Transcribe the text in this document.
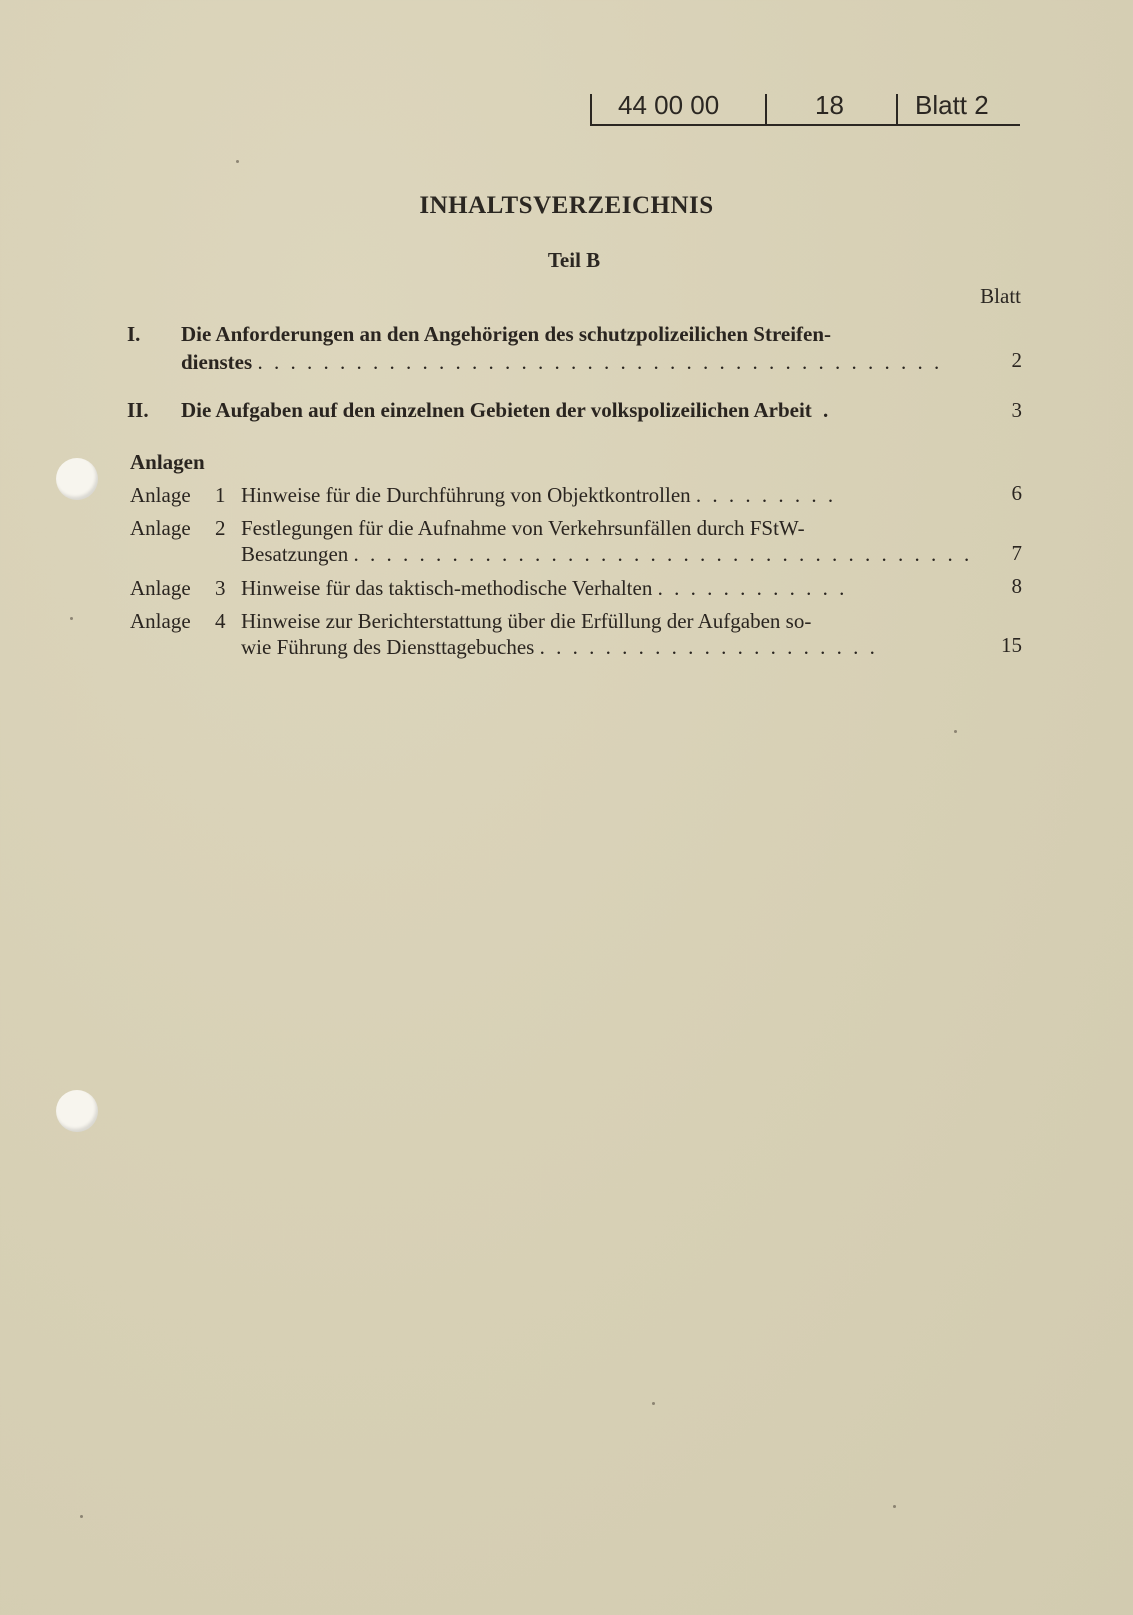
44 00 00	18	Blatt 2
INHALTSVERZEICHNIS
Teil B
Blatt
I. Die Anforderungen an den Angehörigen des schutzpolizeilichen Streifen-
dienstes . . . . . . . . . . . . . . . . . . . . . . . . . . . . . . . . . . . . . . . . . .	2
II. Die Aufgaben auf den einzelnen Gebieten der volkspolizeilichen Arbeit .	3
Anlagen
Anlage 1 Hinweise für die Durchführung von Objektkontrollen . . . . . . . . .	6
Anlage 2 Festlegungen für die Aufnahme von Verkehrsunfällen durch FStW-
Besatzungen . . . . . . . . . . . . . . . . . . . . . . . . . . . . . . . . . . . . . .	7
Anlage 3 Hinweise für das taktisch-methodische Verhalten . . . . . . . . . . . .	8
Anlage 4 Hinweise zur Berichterstattung über die Erfüllung der Aufgaben so-
wie Führung des Diensttagebuches . . . . . . . . . . . . . . . . . . . . .	15
